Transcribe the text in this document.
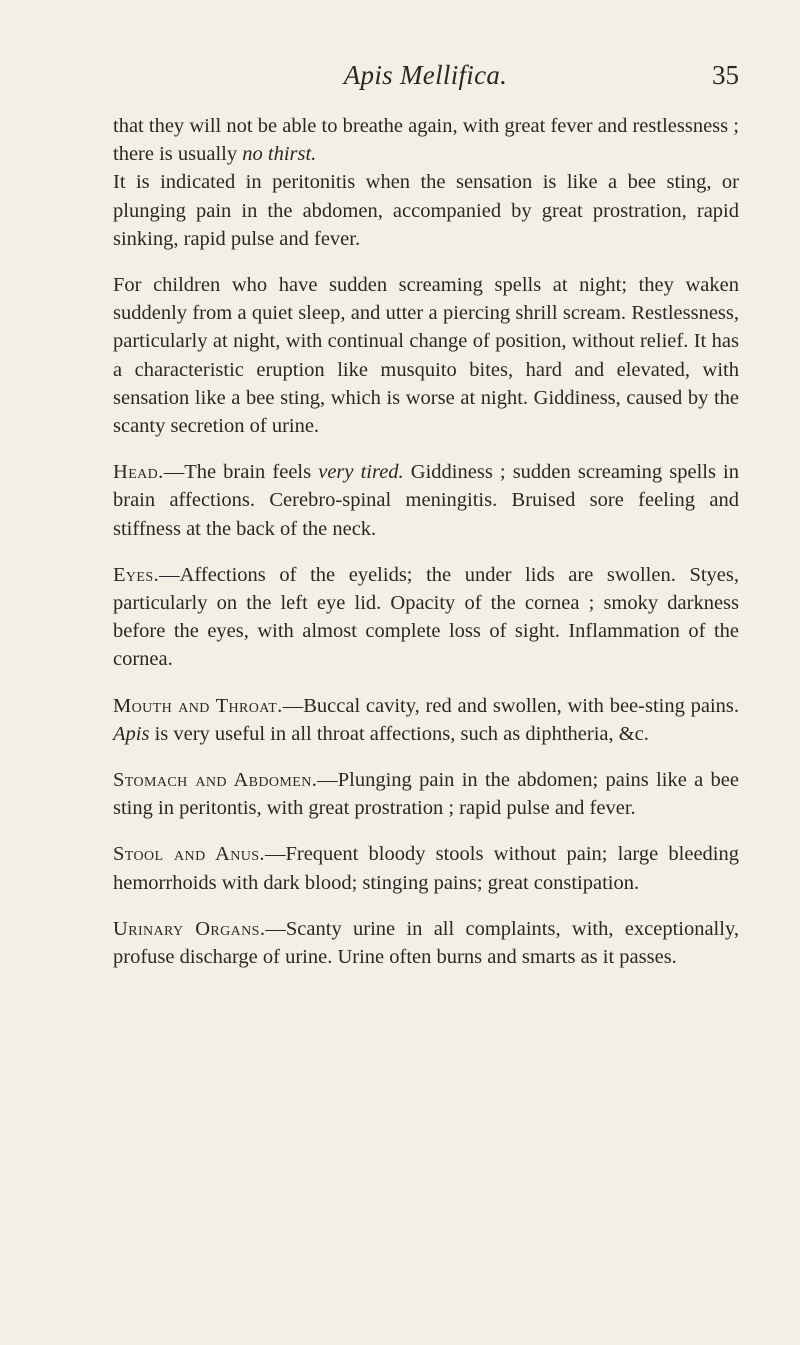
Apis Mellifica.	35

that they will not be able to breathe again, with great fever and restlessness ; there is usually no thirst.

It is indicated in peritonitis when the sensation is like a bee sting, or plunging pain in the abdomen, accompanied by great prostration, rapid sinking, rapid pulse and fever.

For children who have sudden screaming spells at night; they waken suddenly from a quiet sleep, and utter a piercing shrill scream. Restlessness, particularly at night, with continual change of position, without relief. It has a characteristic eruption like musquito bites, hard and elevated, with sensation like a bee sting, which is worse at night. Giddiness, caused by the scanty secretion of urine.

Head.—The brain feels very tired. Giddiness ; sudden screaming spells in brain affections. Cerebro-spinal meningitis. Bruised sore feeling and stiffness at the back of the neck.

Eyes.—Affections of the eyelids; the under lids are swollen. Styes, particularly on the left eye lid. Opacity of the cornea ; smoky darkness before the eyes, with almost complete loss of sight. Inflammation of the cornea.

Mouth and Throat.—Buccal cavity, red and swollen, with bee-sting pains. Apis is very useful in all throat affections, such as diphtheria, &c.

Stomach and Abdomen.—Plunging pain in the abdomen; pains like a bee sting in peritontis, with great prostration ; rapid pulse and fever.

Stool and Anus.—Frequent bloody stools without pain; large bleeding hemorrhoids with dark blood; stinging pains; great constipation.

Urinary Organs.—Scanty urine in all complaints, with, exceptionally, profuse discharge of urine. Urine often burns and smarts as it passes.
